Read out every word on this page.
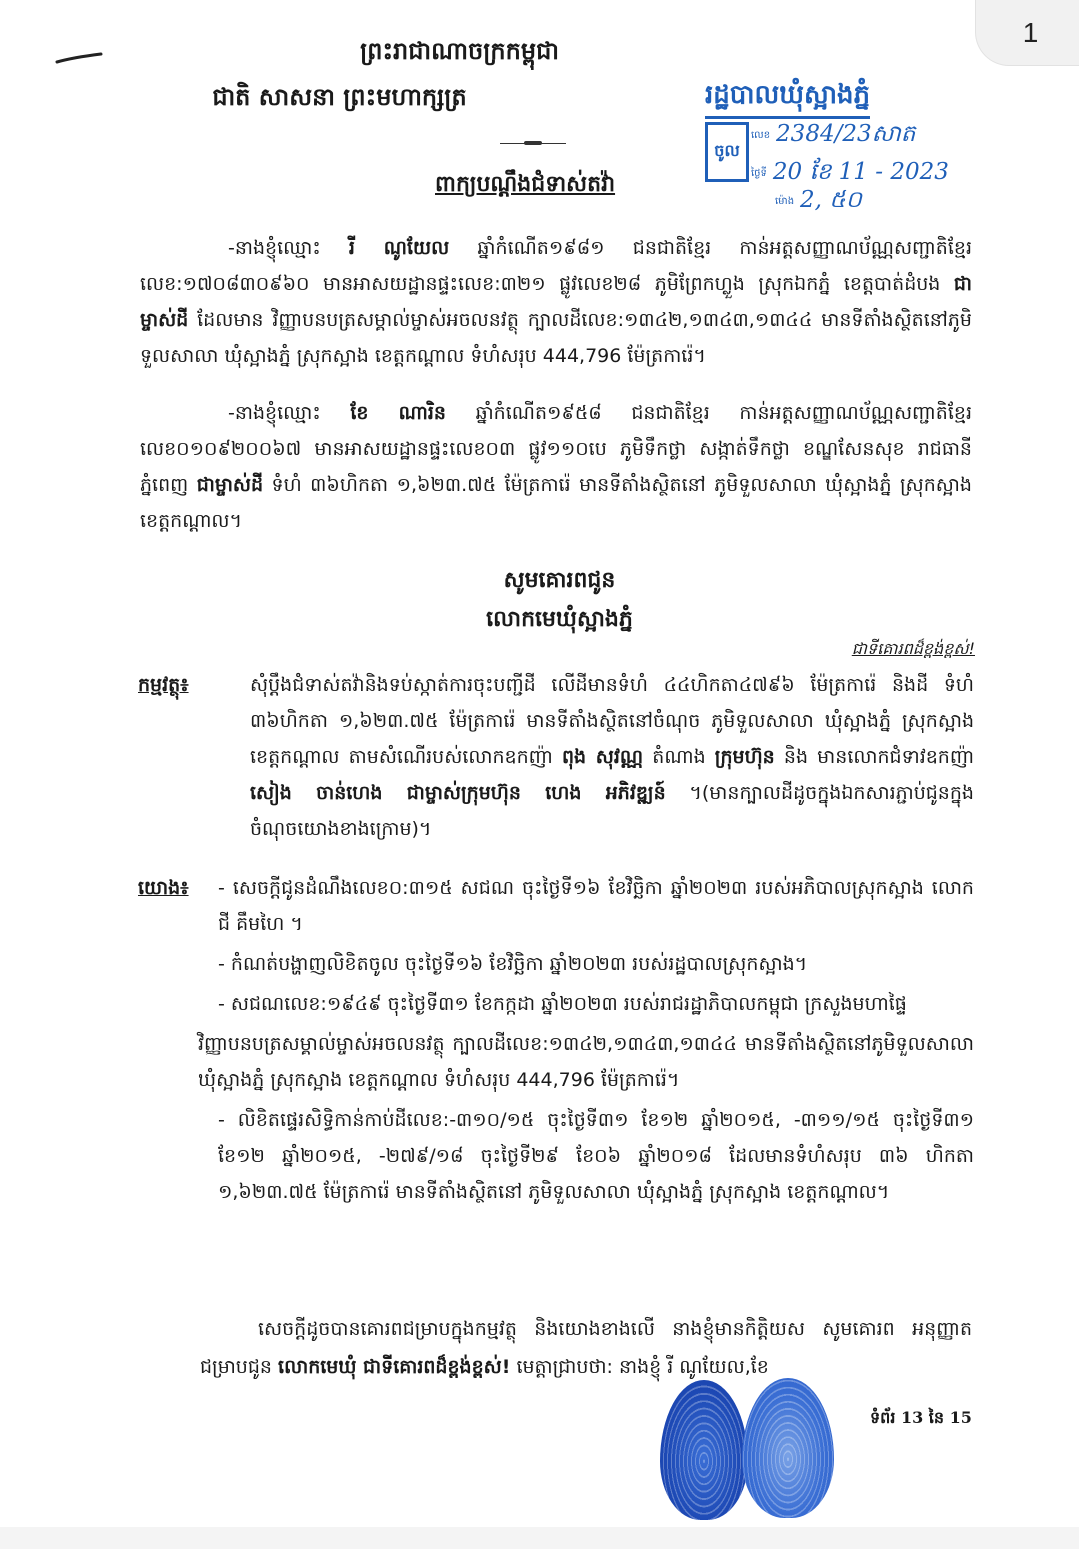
ព្រះរាជាណាចក្រកម្ពុជា
ជាតិ សាសនា ព្រះមហាក្សត្រ
ពាក្យបណ្ដឹងជំទាស់តវ៉ា
រដ្ឋបាលឃុំស្អាងភ្នំ
ចូល
លេខ 2384/23សាត
ថ្ងៃទី 20 ខែ 11 - 2023
ម៉ោង 2, ៥០
-នាងខ្ញុំឈ្មោះ រី ណូយែល ឆ្នាំកំណើត១៩៨១ ជនជាតិខ្មែរ កាន់អត្តសញ្ញាណប័ណ្ណសញ្ជាតិខ្មែរ លេខ:១៧០៨៣០៩៦០ មានអាសយដ្ឋានផ្ទះលេខ:៣២១ ផ្លូវលេខ២៨ ភូមិព្រែកហ្លួង ស្រុកឯកភ្នំ ខេត្តបាត់ដំបង ជាម្ចាស់ដី ដែលមាន វិញ្ញាបនបត្រសម្គាល់ម្ចាស់អចលនវត្ថុ ក្បាលដីលេខ:១៣៤២,១៣៤៣,១៣៤៤ មានទីតាំងស្ថិតនៅភូមិទួលសាលា ឃុំស្អាងភ្នំ ស្រុកស្អាង ខេត្តកណ្ដាល ទំហំសរុប 444,796 ម៉ែត្រការ៉េ។
-នាងខ្ញុំឈ្មោះ ខែ ណារិន ឆ្នាំកំណើត១៩៥៨ ជនជាតិខ្មែរ កាន់អត្តសញ្ញាណប័ណ្ណសញ្ជាតិខ្មែរ លេខ០១០៩២០០៦៧ មានអាសយដ្ឋានផ្ទះលេខ០៣ ផ្លូវ១១០បេ ភូមិទឹកថ្លា សង្កាត់ទឹកថ្លា ខណ្ឌសែនសុខ រាជធានីភ្នំពេញ ជាម្ចាស់ដី ទំហំ ៣៦ហិកតា ១,៦២៣.៧៥ ម៉ែត្រការ៉េ មានទីតាំងស្ថិតនៅ ភូមិទួលសាលា ឃុំស្អាងភ្នំ ស្រុកស្អាង ខេត្តកណ្ដាល។
សូមគោរពជូន
លោកមេឃុំស្អាងភ្នំ
ជាទីគោរពដ៏ខ្ពង់ខ្ពស់!
កម្មវត្ថុ៖	សុំប្ដឹងជំទាស់តវ៉ានិងទប់ស្កាត់ការចុះបញ្ជីដី លើដីមានទំហំ ៤៤ហិកតា៤៧៩៦ ម៉ែត្រការ៉េ និងដី ទំហំ ៣៦ហិកតា ១,៦២៣.៧៥ ម៉ែត្រការ៉េ មានទីតាំងស្ថិតនៅចំណុច ភូមិទួលសាលា ឃុំស្អាងភ្នំ ស្រុកស្អាង ខេត្តកណ្ដាល តាមសំណើរបស់លោកឧកញ៉ា ពុង សុវណ្ណ តំណាង ក្រុមហ៊ុន និង មានលោកជំទាវឧកញ៉ា សៀង ចាន់ហេង ជាម្ចាស់ក្រុមហ៊ុន ហេង អភិវឌ្ឍន៍ ។(មានក្បាលដីដូចក្នុងឯកសារភ្ជាប់ជូនក្នុងចំណុចយោងខាងក្រោម)។
យោង៖ - សេចក្ដីជូនដំណឹងលេខ០:៣១៥ សជណ ចុះថ្ងៃទី១៦ ខែវិច្ឆិកា ឆ្នាំ២០២៣ របស់អភិបាលស្រុកស្អាង លោក ជី គឹមហៃ ។
- កំណត់បង្ហាញលិខិតចូល ចុះថ្ងៃទី១៦ ខែវិច្ឆិកា ឆ្នាំ២០២៣ របស់រដ្ឋបាលស្រុកស្អាង។
- សជណលេខ:១៩៤៩ ចុះថ្ងៃទី៣១ ខែកក្កដា ឆ្នាំ២០២៣ របស់រាជរដ្ឋាភិបាលកម្ពុជា ក្រសួងមហាផ្ទៃ
វិញ្ញាបនបត្រសម្គាល់ម្ចាស់អចលនវត្ថុ ក្បាលដីលេខ:១៣៤២,១៣៤៣,១៣៤៤ មានទីតាំងស្ថិតនៅភូមិទួលសាលា ឃុំស្អាងភ្នំ ស្រុកស្អាង ខេត្តកណ្ដាល ទំហំសរុប 444,796 ម៉ែត្រការ៉េ។
- លិខិតផ្ទេរសិទ្ធិកាន់កាប់ដីលេខ:-៣១០/១៥ ចុះថ្ងៃទី៣១ ខែ១២ ឆ្នាំ២០១៥, -៣១១/១៥ ចុះថ្ងៃទី៣១ ខែ១២ ឆ្នាំ២០១៥, -២៧៩/១៨ ចុះថ្ងៃទី២៩ ខែ០៦ ឆ្នាំ២០១៨ ដែលមានទំហំសរុប ៣៦ ហិកតា ១,៦២៣.៧៥ ម៉ែត្រការ៉េ មានទីតាំងស្ថិតនៅ ភូមិទួលសាលា ឃុំស្អាងភ្នំ ស្រុកស្អាង ខេត្តកណ្ដាល។
សេចក្ដីដូចបានគោរពជម្រាបក្នុងកម្មវត្ថុ និងយោងខាងលើ នាងខ្ញុំមានកិត្តិយស សូមគោរព អនុញ្ញាតជម្រាបជូន លោកមេឃុំ ជាទីគោរពដ៏ខ្ពង់ខ្ពស់! មេត្តាជ្រាបថា: នាងខ្ញុំ រី ណូយែល,ខែ
ទំព័រ 13 នៃ 15
1
